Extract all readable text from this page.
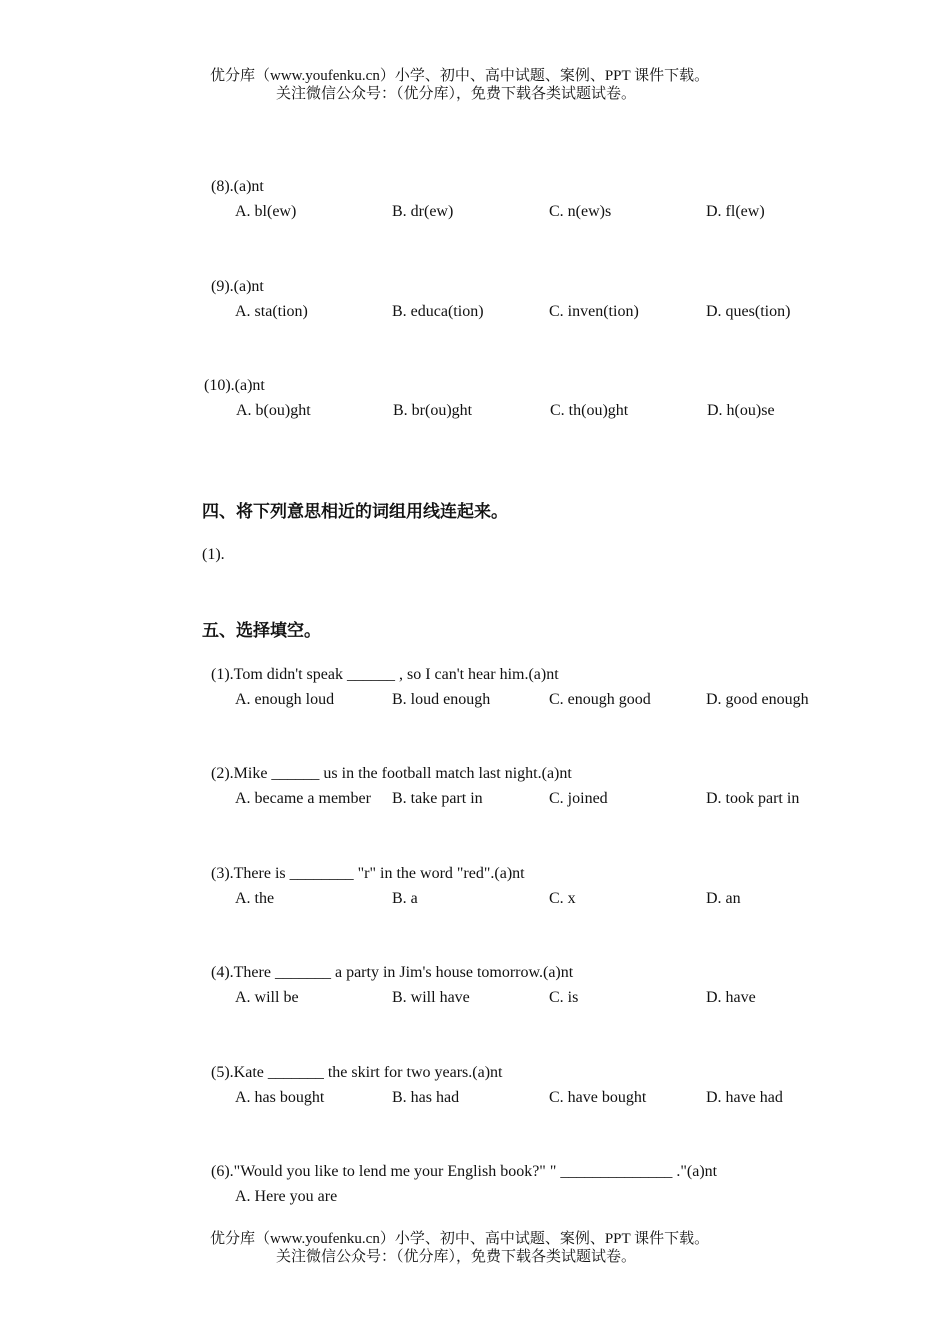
优分库（www.youfenku.cn）小学、初中、高中试题、案例、PPT 课件下载。
关注微信公众号：（优分库），免费下载各类试题试卷。
(8).(a)nt
A. bl(ew)	B. dr(ew)	C. n(ew)s	D. fl(ew)
(9).(a)nt
A. sta(tion)	B. educa(tion)	C. inven(tion)	D. ques(tion)
(10).(a)nt
A. b(ou)ght	B. br(ou)ght	C. th(ou)ght	D. h(ou)se
四、将下列意思相近的词组用线连起来。
(1).
五、选择填空。
(1).Tom didn't speak ______ , so I can't hear him.(a)nt
A. enough loud	B. loud enough	C. enough good	D. good enough
(2).Mike ______ us in the football match last night.(a)nt
A. became a member B. take part in	C. joined	D. took part in
(3).There is ________ "r" in the word "red".(a)nt
A. the	B. a	C. x	D. an
(4).There _______ a party in Jim's house tomorrow.(a)nt
A. will be	B. will have	C. is	D. have
(5).Kate _______ the skirt for two years.(a)nt
A. has bought	B. has had	C. have bought	D. have had
(6)."Would you like to lend me your English book?" " ______________ ."(a)nt
A. Here you are
优分库（www.youfenku.cn）小学、初中、高中试题、案例、PPT 课件下载。
关注微信公众号：（优分库），免费下载各类试题试卷。
